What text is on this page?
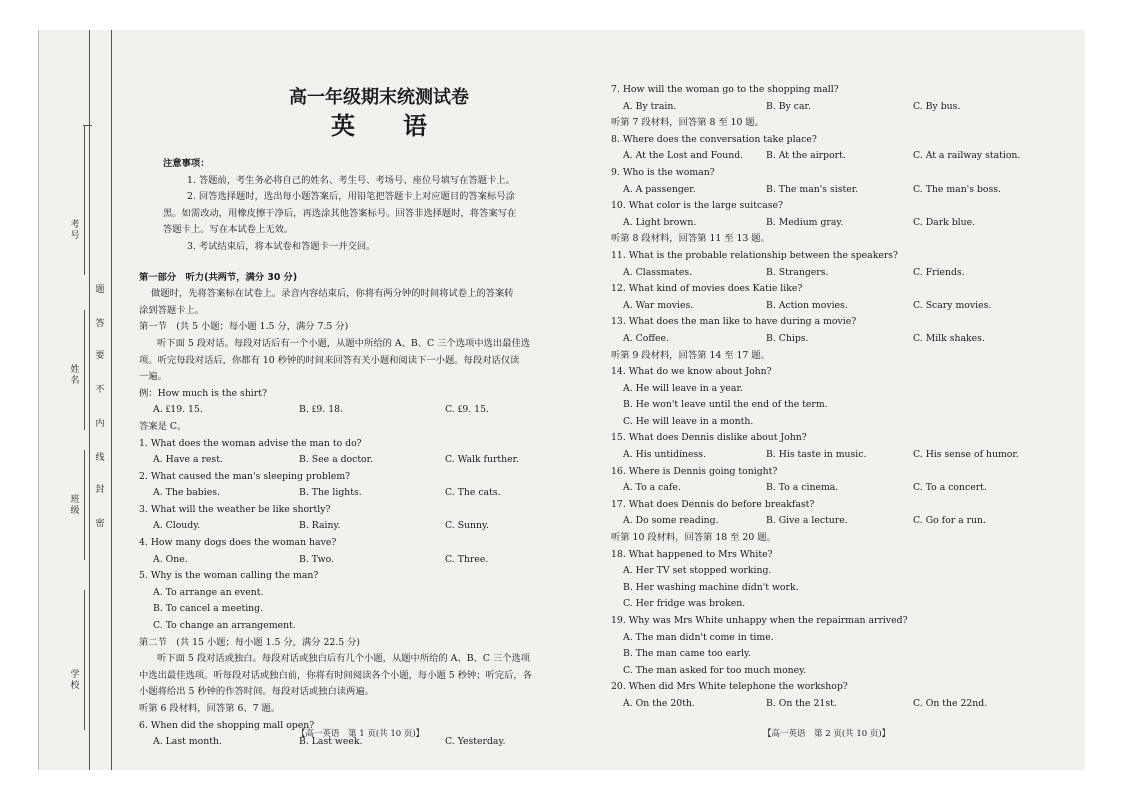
考号
姓名
班级
学校
题
答
要
不
内
线
封
密
高一年级期末统测试卷
英　　语
注意事项：
1. 答题前，考生务必将自己的姓名、考生号、考场号、座位号填写在答题卡上。
2. 回答选择题时，选出每小题答案后，用铅笔把答题卡上对应题目的答案标号涂
黑。如需改动，用橡皮擦干净后，再选涂其他答案标号。回答非选择题时，将答案写在
答题卡上。写在本试卷上无效。
3. 考试结束后，将本试卷和答题卡一并交回。
第一部分　听力(共两节，满分 30 分)
做题时，先将答案标在试卷上。录音内容结束后，你将有两分钟的时间将试卷上的答案转
涂到答题卡上。
第一节　(共 5 小题；每小题 1.5 分，满分 7.5 分)
听下面 5 段对话。每段对话后有一个小题，从题中所给的 A、B、C 三个选项中选出最佳选
项。听完每段对话后，你都有 10 秒钟的时间来回答有关小题和阅读下一小题。每段对话仅读
一遍。
例：How much is the shirt?
A. ₤19. 15.	B. ₤9. 18.	C. ₤9. 15.
答案是 C。
1. What does the woman advise the man to do?
A. Have a rest.	B. See a doctor.	C. Walk further.
2. What caused the man's sleeping problem?
A. The babies.	B. The lights.	C. The cats.
3. What will the weather be like shortly?
A. Cloudy.	B. Rainy.	C. Sunny.
4. How many dogs does the woman have?
A. One.	B. Two.	C. Three.
5. Why is the woman calling the man?
A. To arrange an event.
B. To cancel a meeting.
C. To change an arrangement.
第二节　(共 15 小题；每小题 1.5 分，满分 22.5 分)
听下面 5 段对话或独白。每段对话或独白后有几个小题，从题中所给的 A、B、C 三个选项
中选出最佳选项。听每段对话或独白前，你将有时间阅读各个小题，每小题 5 秒钟；听完后，各
小题将给出 5 秒钟的作答时间。每段对话或独白读两遍。
听第 6 段材料，回答第 6、7 题。
6. When did the shopping mall open?
A. Last month.	B. Last week.	C. Yesterday.
【高一英语　第 1 页(共 10 页)】
7. How will the woman go to the shopping mall?
A. By train.	B. By car.	C. By bus.
听第 7 段材料，回答第 8 至 10 题。
8. Where does the conversation take place?
A. At the Lost and Found.	B. At the airport.	C. At a railway station.
9. Who is the woman?
A. A passenger.	B. The man's sister.	C. The man's boss.
10. What color is the large suitcase?
A. Light brown.	B. Medium gray.	C. Dark blue.
听第 8 段材料，回答第 11 至 13 题。
11. What is the probable relationship between the speakers?
A. Classmates.	B. Strangers.	C. Friends.
12. What kind of movies does Katie like?
A. War movies.	B. Action movies.	C. Scary movies.
13. What does the man like to have during a movie?
A. Coffee.	B. Chips.	C. Milk shakes.
听第 9 段材料，回答第 14 至 17 题。
14. What do we know about John?
A. He will leave in a year.
B. He won't leave until the end of the term.
C. He will leave in a month.
15. What does Dennis dislike about John?
A. His untidiness.	B. His taste in music.	C. His sense of humor.
16. Where is Dennis going tonight?
A. To a cafe.	B. To a cinema.	C. To a concert.
17. What does Dennis do before breakfast?
A. Do some reading.	B. Give a lecture.	C. Go for a run.
听第 10 段材料，回答第 18 至 20 题。
18. What happened to Mrs White?
A. Her TV set stopped working.
B. Her washing machine didn't work.
C. Her fridge was broken.
19. Why was Mrs White unhappy when the repairman arrived?
A. The man didn't come in time.
B. The man came too early.
C. The man asked for too much money.
20. When did Mrs White telephone the workshop?
A. On the 20th.	B. On the 21st.	C. On the 22nd.
【高一英语　第 2 页(共 10 页)】
